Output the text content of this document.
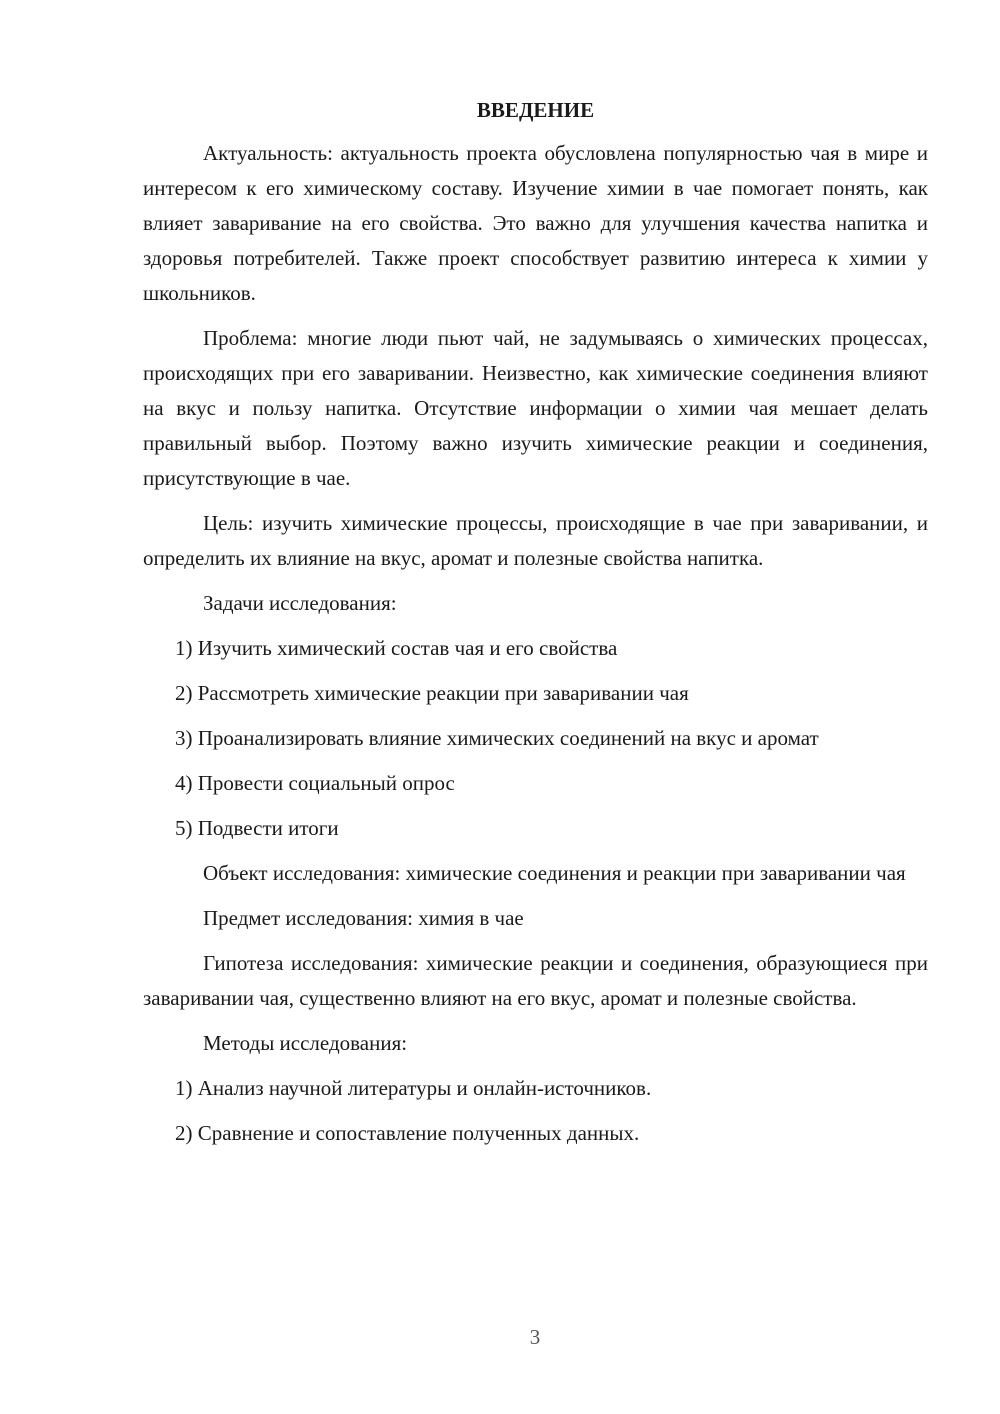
ВВЕДЕНИЕ

Актуальность: актуальность проекта обусловлена популярностью чая в мире и интересом к его химическому составу. Изучение химии в чае помогает понять, как влияет заваривание на его свойства. Это важно для улучшения качества напитка и здоровья потребителей. Также проект способствует развитию интереса к химии у школьников.

Проблема: многие люди пьют чай, не задумываясь о химических процессах, происходящих при его заваривании. Неизвестно, как химические соединения влияют на вкус и пользу напитка. Отсутствие информации о химии чая мешает делать правильный выбор. Поэтому важно изучить химические реакции и соединения, присутствующие в чае.

Цель: изучить химические процессы, происходящие в чае при заваривании, и определить их влияние на вкус, аромат и полезные свойства напитка.

Задачи исследования:

1) Изучить химический состав чая и его свойства

2) Рассмотреть химические реакции при заваривании чая

3) Проанализировать влияние химических соединений на вкус и аромат

4) Провести социальный опрос

5) Подвести итоги

Объект исследования: химические соединения и реакции при заваривании чая

Предмет исследования: химия в чае

Гипотеза исследования: химические реакции и соединения, образующиеся при заваривании чая, существенно влияют на его вкус, аромат и полезные свойства.

Методы исследования:

1) Анализ научной литературы и онлайн-источников.

2) Сравнение и сопоставление полученных данных.

3
